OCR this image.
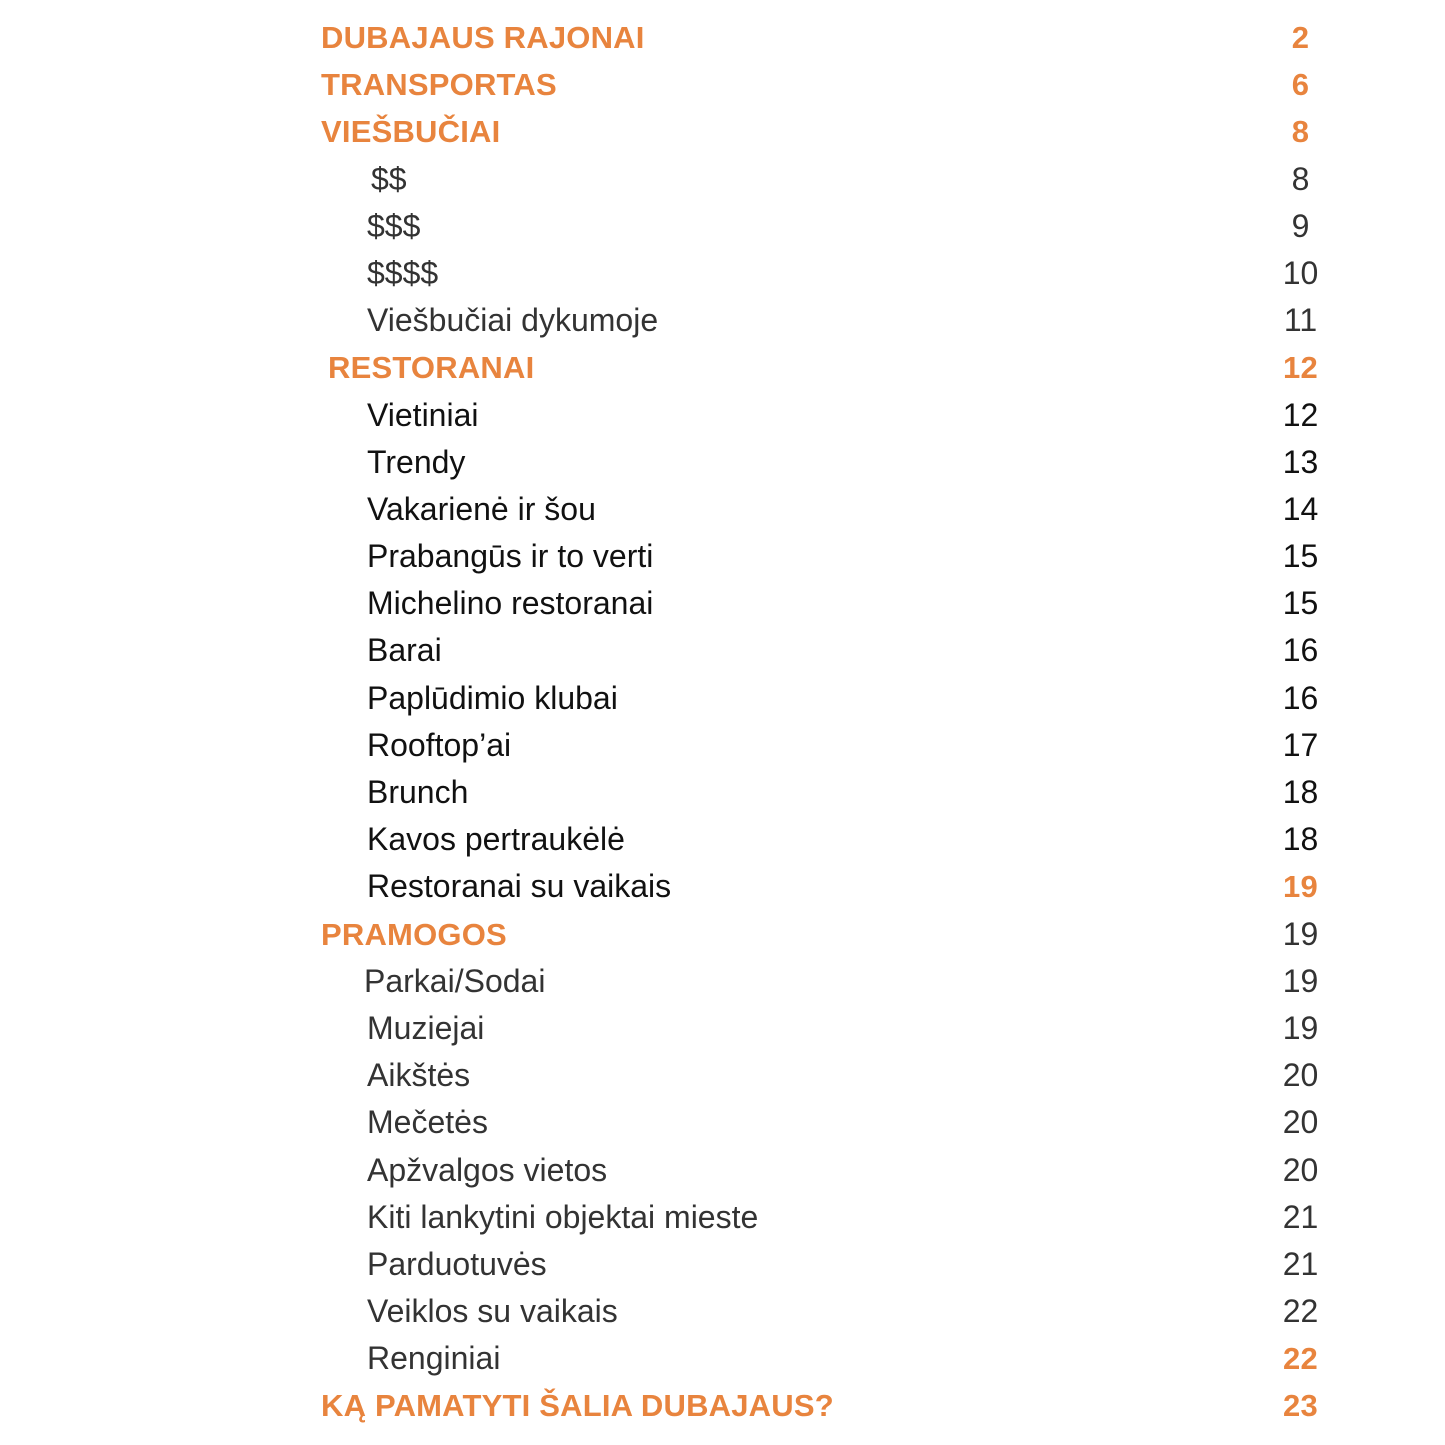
DUBAJAUS RAJONAI	2
TRANSPORTAS	6
VIEŠBUČIAI	8
$$	8
$$$	9
$$$$	10
Viešbučiai dykumoje	11
RESTORANAI	12
Vietiniai	12
Trendy	13
Vakarienė ir šou	14
Prabangūs ir to verti	15
Michelino restoranai	15
Barai	16
Paplūdimio klubai	16
Rooftop’ai	17
Brunch	18
Kavos pertraukėlė	18
Restoranai su vaikais	19
PRAMOGOS	19
Parkai/Sodai	19
Muziejai	19
Aikštės	20
Mečetės	20
Apžvalgos vietos	20
Kiti lankytini objektai mieste	21
Parduotuvės	21
Veiklos su vaikais	22
Renginiai	22
KĄ PAMATYTI ŠALIA DUBAJAUS?	23
